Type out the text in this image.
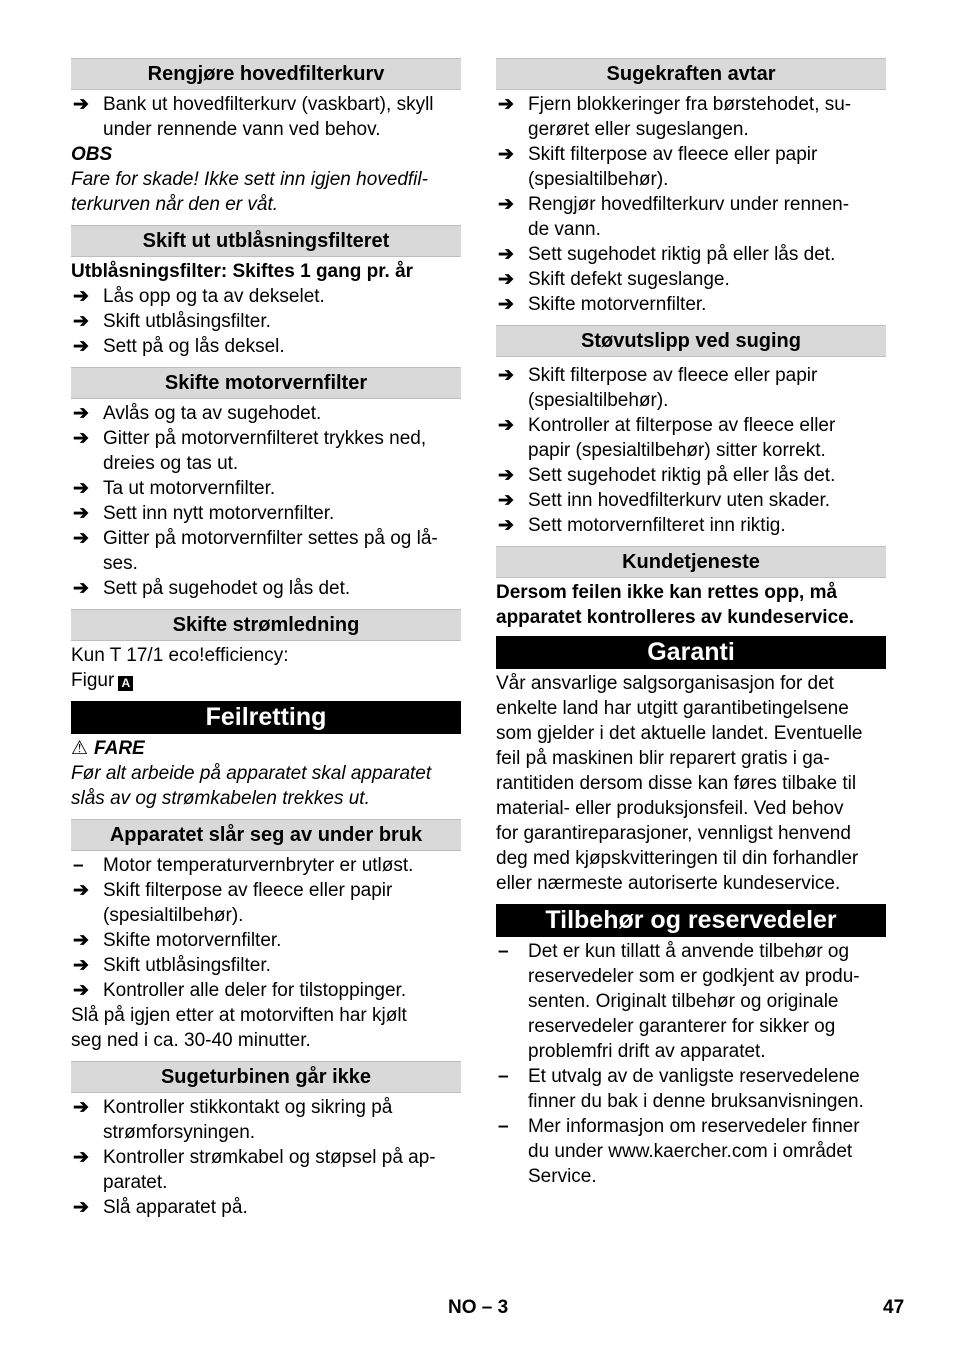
Rengjøre hovedfilterkurv
➔ Bank ut hovedfilterkurv (vaskbart), skyll
under rennende vann ved behov.
OBS
Fare for skade! Ikke sett inn igjen hovedfil-
terkurven når den er våt.
Skift ut utblåsningsfilteret
Utblåsningsfilter: Skiftes 1 gang pr. år
➔ Lås opp og ta av dekselet.
➔ Skift utblåsingsfilter.
➔ Sett på og lås deksel.
Skifte motorvernfilter
➔ Avlås og ta av sugehodet.
➔ Gitter på motorvernfilteret trykkes ned,
dreies og tas ut.
➔ Ta ut motorvernfilter.
➔ Sett inn nytt motorvernfilter.
➔ Gitter på motorvernfilter settes på og lå-
ses.
➔ Sett på sugehodet og lås det.
Skifte strømledning
Kun T 17/1 eco!efficiency:
Figur A
Feilretting
⚠ FARE
Før alt arbeide på apparatet skal apparatet
slås av og strømkabelen trekkes ut.
Apparatet slår seg av under bruk
–	Motor temperaturvernbryter er utløst.
➔ Skift filterpose av fleece eller papir
(spesialtilbehør).
➔ Skifte motorvernfilter.
➔ Skift utblåsingsfilter.
➔ Kontroller alle deler for tilstoppinger.
Slå på igjen etter at motorviften har kjølt
seg ned i ca. 30-40 minutter.
Sugeturbinen går ikke
➔ Kontroller stikkontakt og sikring på
strømforsyningen.
➔ Kontroller strømkabel og støpsel på ap-
paratet.
➔ Slå apparatet på.
Sugekraften avtar
➔ Fjern blokkeringer fra børstehodet, su-
gerøret eller sugeslangen.
➔ Skift filterpose av fleece eller papir
(spesialtilbehør).
➔ Rengjør hovedfilterkurv under rennen-
de vann.
➔ Sett sugehodet riktig på eller lås det.
➔ Skift defekt sugeslange.
➔ Skifte motorvernfilter.
Støvutslipp ved suging
➔ Skift filterpose av fleece eller papir
(spesialtilbehør).
➔ Kontroller at filterpose av fleece eller
papir (spesialtilbehør) sitter korrekt.
➔ Sett sugehodet riktig på eller lås det.
➔ Sett inn hovedfilterkurv uten skader.
➔ Sett motorvernfilteret inn riktig.
Kundetjeneste
Dersom feilen ikke kan rettes opp, må
apparatet kontrolleres av kundeservice.
Garanti
Vår ansvarlige salgsorganisasjon for det
enkelte land har utgitt garantibetingelsene
som gjelder i det aktuelle landet. Eventuelle
feil på maskinen blir reparert gratis i ga-
rantitiden dersom disse kan føres tilbake til
material- eller produksjonsfeil. Ved behov
for garantireparasjoner, vennligst henvend
deg med kjøpskvitteringen til din forhandler
eller nærmeste autoriserte kundeservice.
Tilbehør og reservedeler
–	Det er kun tillatt å anvende tilbehør og
reservedeler som er godkjent av produ-
senten. Originalt tilbehør og originale
reservedeler garanterer for sikker og
problemfri drift av apparatet.
–	Et utvalg av de vanligste reservedelene
finner du bak i denne bruksanvisningen.
–	Mer informasjon om reservedeler finner
du under www.kaercher.com i området
Service.
NO – 3	47
